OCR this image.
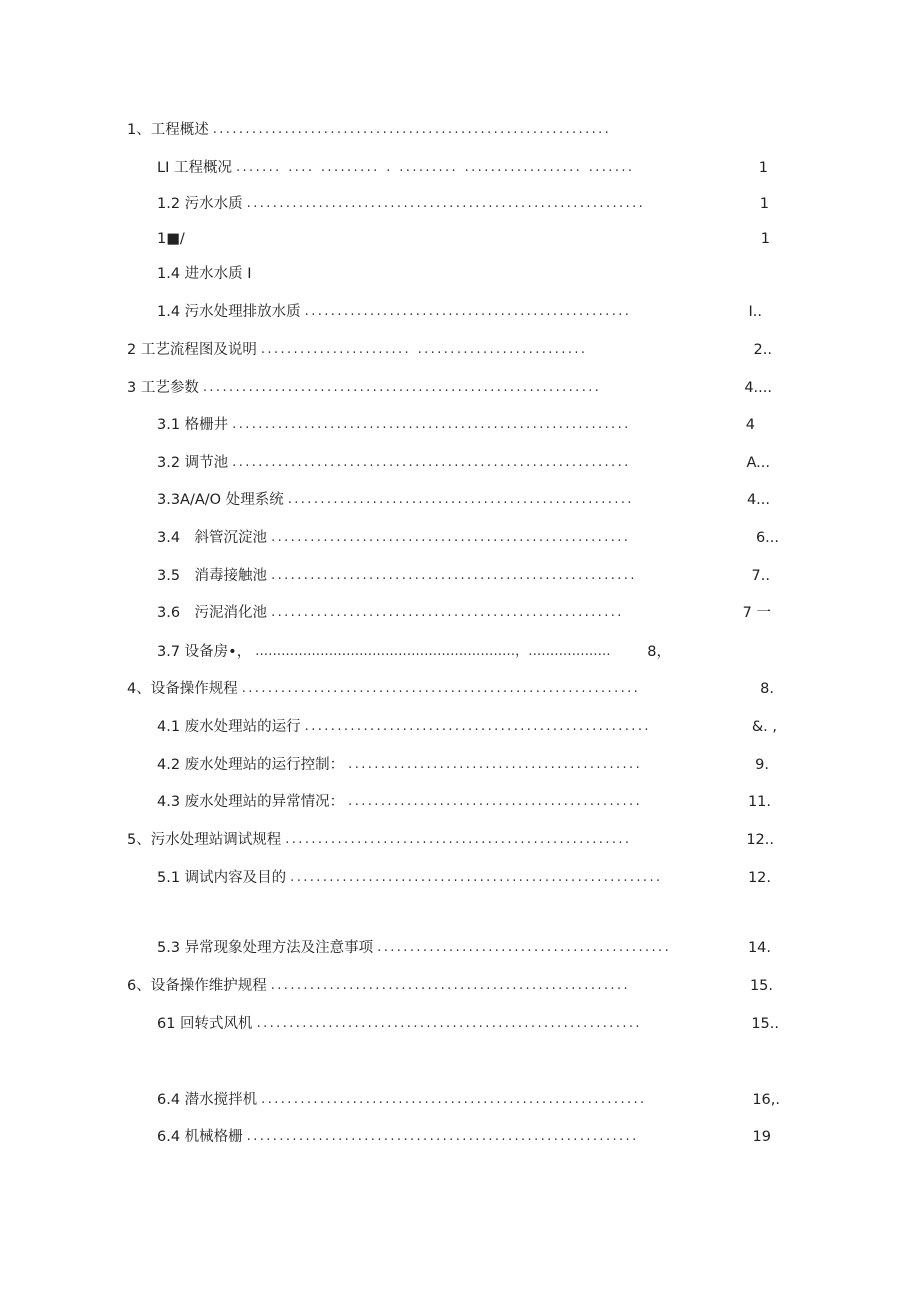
1、工程概述 .............................................................
LI 工程概况 ....... .... ......... . ......... .................. .......	1
1.2 污水水质 .............................................................	1
1■/	1
1.4 进水水质 I
1.4 污水处理排放水质 ..................................................	I..
2 工艺流程图及说明 ....................... ..........................	2..
3 工艺参数 .............................................................	4....
3.1 格栅井 .............................................................	4
3.2 调节池 .............................................................	A...
3.3A/A/O 处理系统 .....................................................	4...
3.4　斜管沉淀池 .......................................................	6...
3.5　消毒接触池 ........................................................	7..
3.6　污泥消化池 ......................................................	7 一
3.7 设备房•， ............................................................，...................	8，
4、设备操作规程 .............................................................	8.
4.1 废水处理站的运行 .....................................................	&. ,
4.2 废水处理站的运行控制： .............................................	9.
4.3 废水处理站的异常情况： .............................................	11.
5、污水处理站调试规程 .....................................................	12..
5.1 调试内容及目的 .........................................................	12.
5.3 异常现象处理方法及注意事项 .............................................	14.
6、设备操作维护规程 .......................................................	15.
61 回转式风机 ...........................................................	15..
6.4 潜水搅拌机 ...........................................................	16,.
6.4 机械格栅 ............................................................	19
